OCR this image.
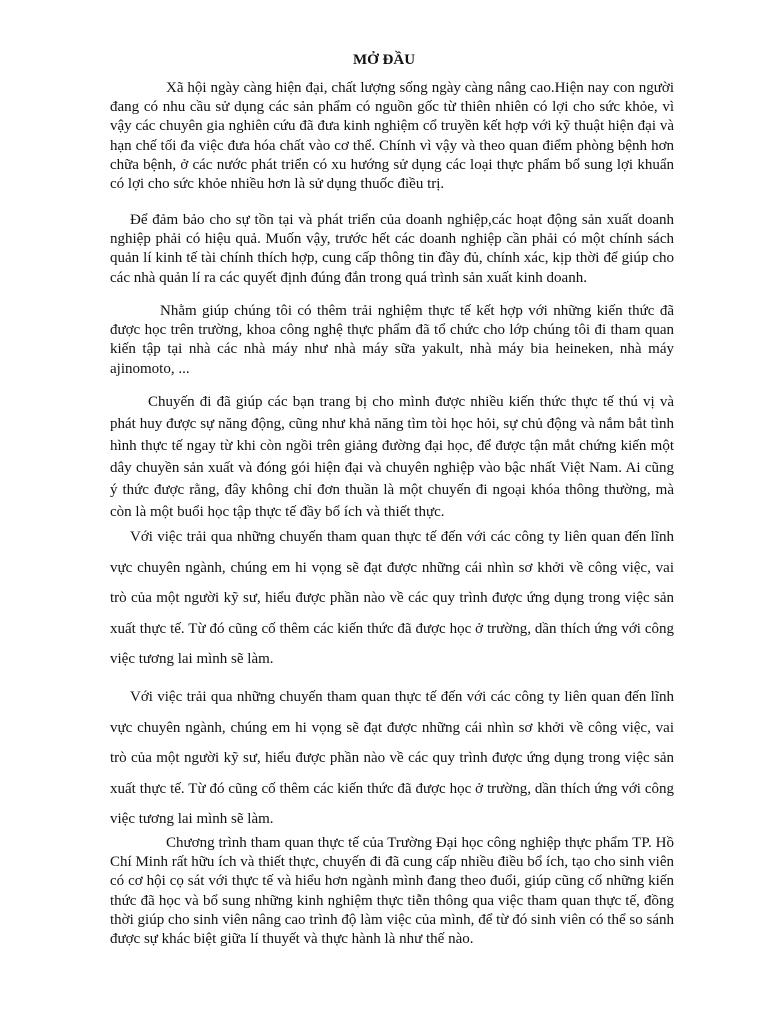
MỞ ĐẦU

Xã hội ngày càng hiện đại, chất lượng sống ngày càng nâng cao.Hiện nay con người đang có nhu cầu sử dụng các sản phẩm có nguồn gốc từ thiên nhiên có lợi cho sức khỏe, vì vậy các chuyên gia nghiên cứu đã đưa kinh nghiệm cổ truyền kết hợp với kỹ thuật hiện đại và hạn chế tối đa việc đưa hóa chất vào cơ thể. Chính vì vậy và theo quan điểm phòng bệnh hơn chữa bệnh, ở các nước phát triển có xu hướng sử dụng các loại thực phẩm bổ sung lợi khuẩn có lợi cho sức khỏe nhiều hơn là sử dụng thuốc điều trị.

Để đảm bảo cho sự tồn tại và phát triển của doanh nghiệp,các hoạt động sản xuất doanh nghiệp phải có hiệu quả. Muốn vậy, trước hết các doanh nghiệp cần phải có một chính sách quản lí kinh tế tài chính thích hợp, cung cấp thông tin đầy đủ, chính xác, kịp thời để giúp cho các nhà quản lí ra các quyết định đúng đắn trong quá trình sản xuất kinh doanh.

Nhằm giúp chúng tôi có thêm trải nghiệm thực tế kết hợp với những kiến thức đã được học trên trường, khoa công nghệ thực phẩm đã tổ chức cho lớp chúng tôi đi tham quan kiến tập tại nhà các nhà máy như nhà máy sữa yakult, nhà máy bia heineken, nhà máy ajinomoto, ...

Chuyến đi đã giúp các bạn trang bị cho mình được nhiều kiến thức thực tế thú vị và phát huy được sự năng động, cũng như khả năng tìm tòi học hỏi, sự chủ động và nắm bắt tình hình thực tế ngay từ khi còn ngồi trên giảng đường đại học, để được tận mắt chứng kiến một dây chuyền sản xuất và đóng gói hiện đại và chuyên nghiệp vào bậc nhất Việt Nam. Ai cũng ý thức được rằng, đây không chỉ đơn thuần là một chuyến đi ngoại khóa thông thường, mà còn là một buổi học tập thực tế đầy bổ ích và thiết thực.

Với việc trải qua những chuyến tham quan thực tế đến với các công ty liên quan đến lĩnh vực chuyên ngành, chúng em hi vọng sẽ đạt được những cái nhìn sơ khởi về công việc, vai trò của một người kỹ sư, hiểu được phần nào về các quy trình được ứng dụng trong việc sản xuất thực tế. Từ đó cũng cố thêm các kiến thức đã được học ở trường, dần thích ứng với công việc tương lai mình sẽ làm.

Với việc trải qua những chuyến tham quan thực tế đến với các công ty liên quan đến lĩnh vực chuyên ngành, chúng em hi vọng sẽ đạt được những cái nhìn sơ khởi về công việc, vai trò của một người kỹ sư, hiểu được phần nào về các quy trình được ứng dụng trong việc sản xuất thực tế. Từ đó cũng cố thêm các kiến thức đã được học ở trường, dần thích ứng với công việc tương lai mình sẽ làm.

Chương trình tham quan thực tế của Trường Đại học công nghiệp thực phẩm TP. Hồ Chí Minh rất hữu ích và thiết thực, chuyến đi đã cung cấp nhiều điều bổ ích, tạo cho sinh viên có cơ hội cọ sát với thực tế và hiểu hơn ngành mình đang theo đuổi, giúp cũng cố những kiến thức đã học và bổ sung những kinh nghiệm thực tiễn thông qua việc tham quan thực tế, đồng thời giúp cho sinh viên nâng cao trình độ làm việc của mình, để từ đó sinh viên có thể so sánh được sự khác biệt giữa lí thuyết và thực hành là như thế nào.
